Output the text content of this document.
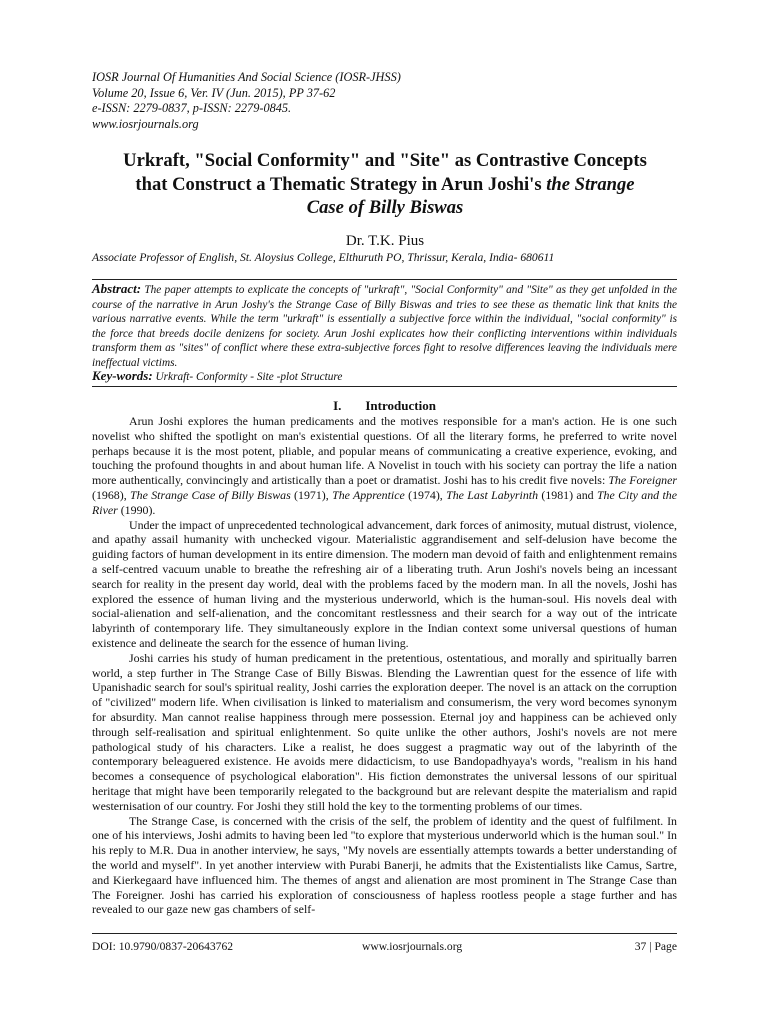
IOSR Journal Of Humanities And Social Science (IOSR-JHSS)
Volume 20, Issue 6, Ver. IV (Jun. 2015), PP 37-62
e-ISSN: 2279-0837, p-ISSN: 2279-0845.
www.iosrjournals.org
Urkraft, "Social Conformity" and "Site" as Contrastive Concepts
that Construct a Thematic Strategy in Arun Joshi's the Strange
Case of Billy Biswas
Dr. T.K. Pius
Associate Professor of English, St. Aloysius College, Elthuruth PO, Thrissur, Kerala, India- 680611
Abstract: The paper attempts to explicate the concepts of "urkraft", "Social Conformity" and "Site" as they get unfolded in the course of the narrative in Arun Joshy's the Strange Case of Billy Biswas and tries to see these as thematic link that knits the various narrative events. While the term "urkraft" is essentially a subjective force within the individual, "social conformity" is the force that breeds docile denizens for society. Arun Joshi explicates how their conflicting interventions within individuals transform them as "sites" of conflict where these extra-subjective forces fight to resolve differences leaving the individuals mere ineffectual victims.
Key-words: Urkraft- Conformity - Site -plot Structure
I. Introduction

Arun Joshi explores the human predicaments and the motives responsible for a man's action. He is one such novelist who shifted the spotlight on man's existential questions. Of all the literary forms, he preferred to write novel perhaps because it is the most potent, pliable, and popular means of communicating a creative experience, evoking, and touching the profound thoughts in and about human life. A Novelist in touch with his society can portray the life a nation more authentically, convincingly and artistically than a poet or dramatist. Joshi has to his credit five novels: The Foreigner (1968), The Strange Case of Billy Biswas (1971), The Apprentice (1974), The Last Labyrinth (1981) and The City and the River (1990).

Under the impact of unprecedented technological advancement, dark forces of animosity, mutual distrust, violence, and apathy assail humanity with unchecked vigour. Materialistic aggrandisement and self-delusion have become the guiding factors of human development in its entire dimension. The modern man devoid of faith and enlightenment remains a self-centred vacuum unable to breathe the refreshing air of a liberating truth. Arun Joshi's novels being an incessant search for reality in the present day world, deal with the problems faced by the modern man. In all the novels, Joshi has explored the essence of human living and the mysterious underworld, which is the human-soul. His novels deal with social-alienation and self-alienation, and the concomitant restlessness and their search for a way out of the intricate labyrinth of contemporary life. They simultaneously explore in the Indian context some universal questions of human existence and delineate the search for the essence of human living.

Joshi carries his study of human predicament in the pretentious, ostentatious, and morally and spiritually barren world, a step further in The Strange Case of Billy Biswas. Blending the Lawrentian quest for the essence of life with Upanishadic search for soul's spiritual reality, Joshi carries the exploration deeper. The novel is an attack on the corruption of "civilized" modern life. When civilisation is linked to materialism and consumerism, the very word becomes synonym for absurdity. Man cannot realise happiness through mere possession. Eternal joy and happiness can be achieved only through self-realisation and spiritual enlightenment. So quite unlike the other authors, Joshi's novels are not mere pathological study of his characters. Like a realist, he does suggest a pragmatic way out of the labyrinth of the contemporary beleaguered existence. He avoids mere didacticism, to use Bandopadhyaya's words, "realism in his hand becomes a consequence of psychological elaboration". His fiction demonstrates the universal lessons of our spiritual heritage that might have been temporarily relegated to the background but are relevant despite the materialism and rapid westernisation of our country. For Joshi they still hold the key to the tormenting problems of our times.

The Strange Case, is concerned with the crisis of the self, the problem of identity and the quest of fulfilment. In one of his interviews, Joshi admits to having been led "to explore that mysterious underworld which is the human soul." In his reply to M.R. Dua in another interview, he says, "My novels are essentially attempts towards a better understanding of the world and myself". In yet another interview with Purabi Banerji, he admits that the Existentialists like Camus, Sartre, and Kierkegaard have influenced him. The themes of angst and alienation are most prominent in The Strange Case than The Foreigner. Joshi has carried his exploration of consciousness of hapless rootless people a stage further and has revealed to our gaze new gas chambers of self-

DOI: 10.9790/0837-20643762	www.iosrjournals.org	37 | Page
